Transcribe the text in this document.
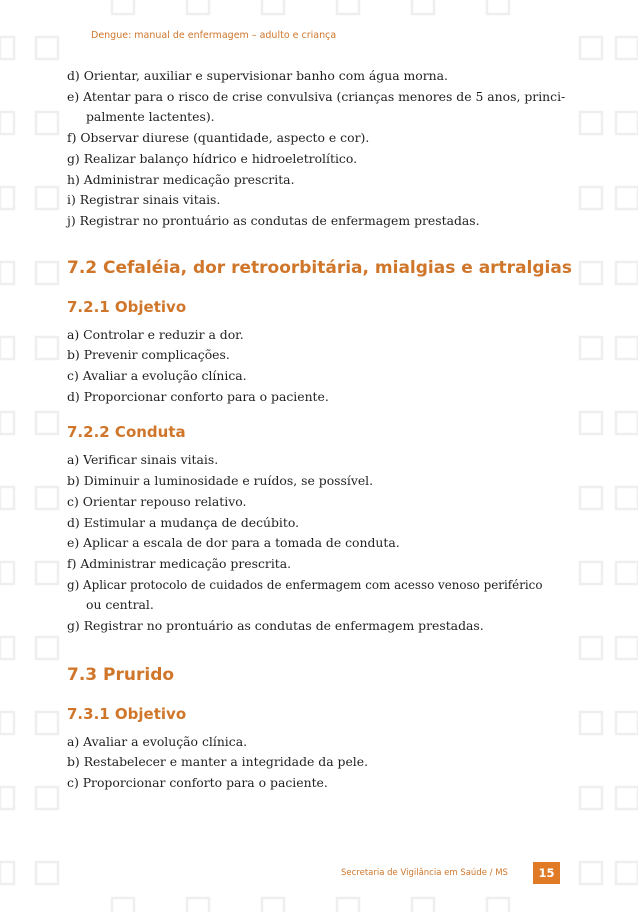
Dengue: manual de enfermagem – adulto e criança

d) Orientar, auxiliar e supervisionar banho com água morna.

e) Atentar para o risco de crise convulsiva (crianças menores de 5 anos, princi-

palmente lactentes).

f) Observar diurese (quantidade, aspecto e cor).

g) Realizar balanço hídrico e hidroeletrolítico.

h) Administrar medicação prescrita.

i) Registrar sinais vitais.

j) Registrar no prontuário as condutas de enfermagem prestadas.

7.2 Cefaléia, dor retroorbitária, mialgias e artralgias
7.2.1 Objetivo

a) Controlar e reduzir a dor.

b) Prevenir complicações.

c) Avaliar a evolução clínica.

d) Proporcionar conforto para o paciente.

7.2.2 Conduta

a) Verificar sinais vitais.

b) Diminuir a luminosidade e ruídos, se possível.

c) Orientar repouso relativo.

d) Estimular a mudança de decúbito.

e) Aplicar a escala de dor para a tomada de conduta.

f) Administrar medicação prescrita.

g) Aplicar protocolo de cuidados de enfermagem com acesso venoso periférico

ou central.

g) Registrar no prontuário as condutas de enfermagem prestadas.

7.3 Prurido
7.3.1 Objetivo

a) Avaliar a evolução clínica.

b) Restabelecer e manter a integridade da pele.

c) Proporcionar conforto para o paciente.

Secretaria de Vigilância em Saúde / MS	15
